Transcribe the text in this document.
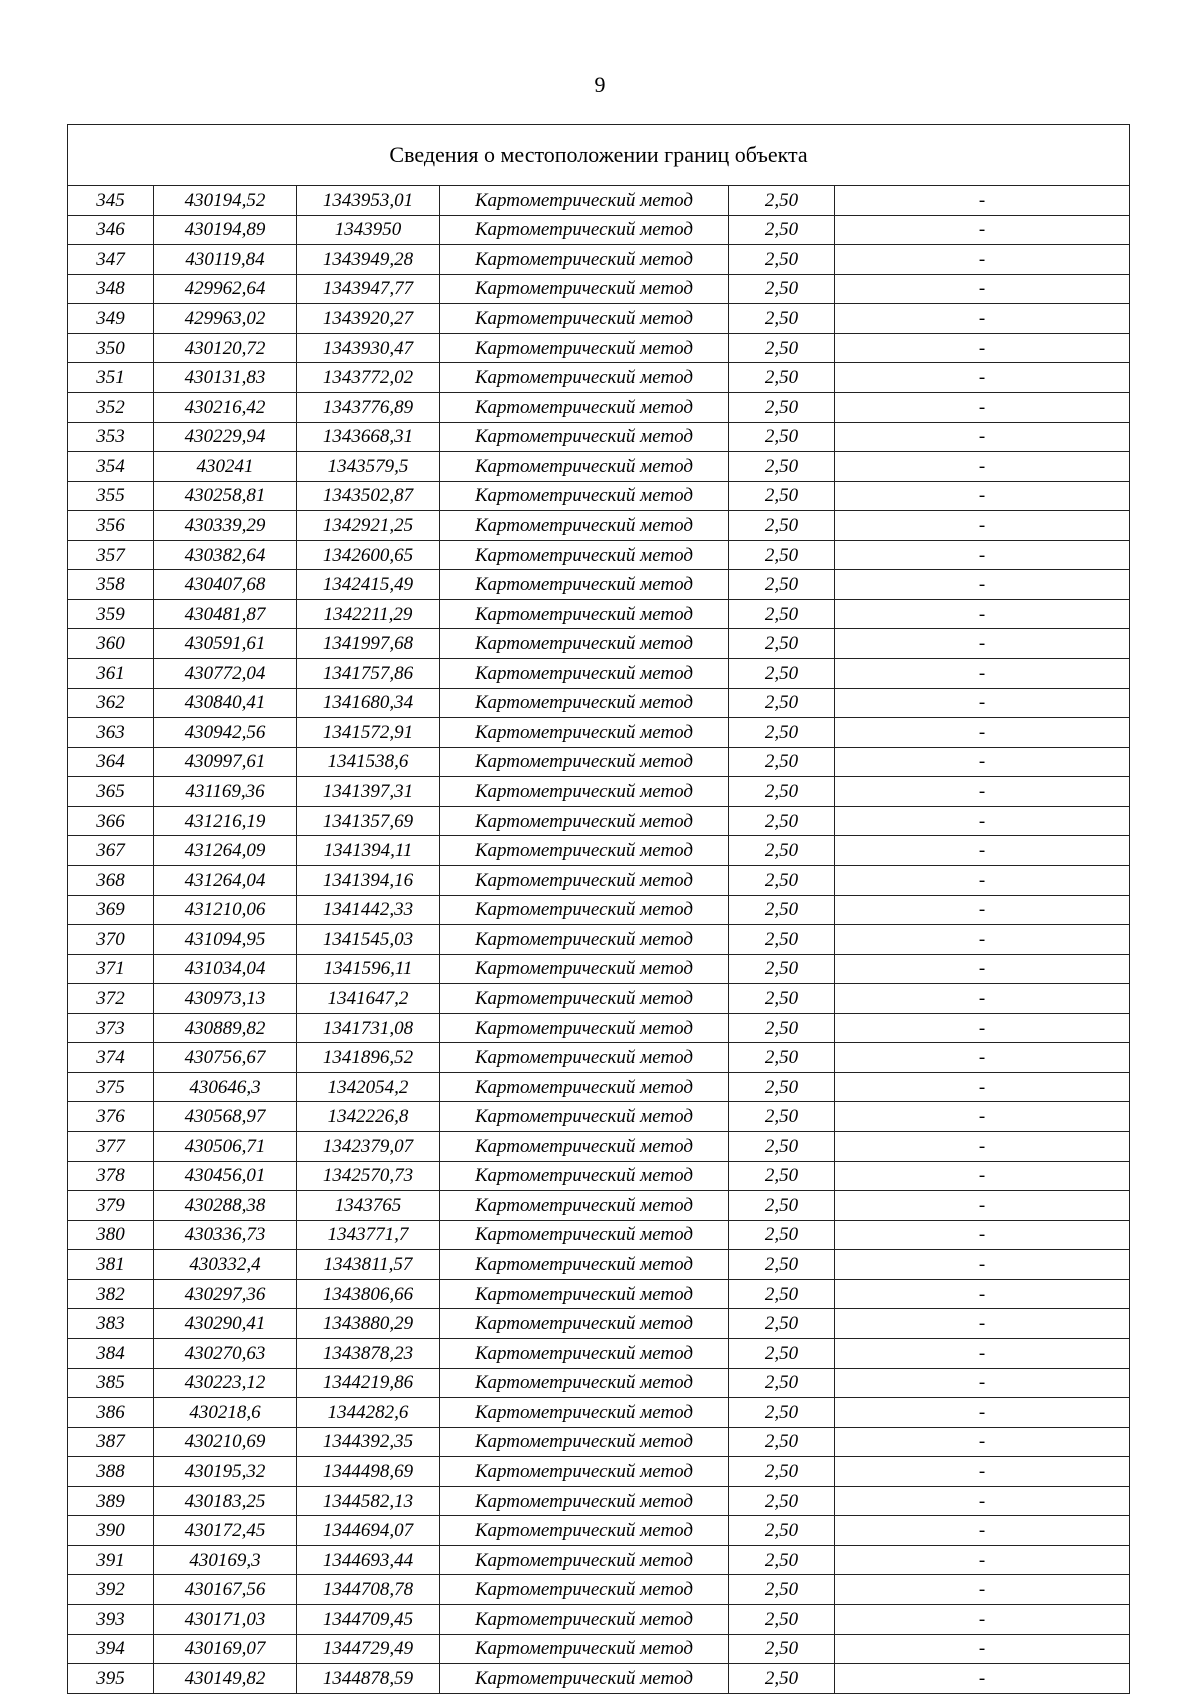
9
Сведения о местоположении границ объекта					
345	430194,52	1343953,01	Картометрический метод	2,50	-
346	430194,89	1343950	Картометрический метод	2,50	-
347	430119,84	1343949,28	Картометрический метод	2,50	-
348	429962,64	1343947,77	Картометрический метод	2,50	-
349	429963,02	1343920,27	Картометрический метод	2,50	-
350	430120,72	1343930,47	Картометрический метод	2,50	-
351	430131,83	1343772,02	Картометрический метод	2,50	-
352	430216,42	1343776,89	Картометрический метод	2,50	-
353	430229,94	1343668,31	Картометрический метод	2,50	-
354	430241	1343579,5	Картометрический метод	2,50	-
355	430258,81	1343502,87	Картометрический метод	2,50	-
356	430339,29	1342921,25	Картометрический метод	2,50	-
357	430382,64	1342600,65	Картометрический метод	2,50	-
358	430407,68	1342415,49	Картометрический метод	2,50	-
359	430481,87	1342211,29	Картометрический метод	2,50	-
360	430591,61	1341997,68	Картометрический метод	2,50	-
361	430772,04	1341757,86	Картометрический метод	2,50	-
362	430840,41	1341680,34	Картометрический метод	2,50	-
363	430942,56	1341572,91	Картометрический метод	2,50	-
364	430997,61	1341538,6	Картометрический метод	2,50	-
365	431169,36	1341397,31	Картометрический метод	2,50	-
366	431216,19	1341357,69	Картометрический метод	2,50	-
367	431264,09	1341394,11	Картометрический метод	2,50	-
368	431264,04	1341394,16	Картометрический метод	2,50	-
369	431210,06	1341442,33	Картометрический метод	2,50	-
370	431094,95	1341545,03	Картометрический метод	2,50	-
371	431034,04	1341596,11	Картометрический метод	2,50	-
372	430973,13	1341647,2	Картометрический метод	2,50	-
373	430889,82	1341731,08	Картометрический метод	2,50	-
374	430756,67	1341896,52	Картометрический метод	2,50	-
375	430646,3	1342054,2	Картометрический метод	2,50	-
376	430568,97	1342226,8	Картометрический метод	2,50	-
377	430506,71	1342379,07	Картометрический метод	2,50	-
378	430456,01	1342570,73	Картометрический метод	2,50	-
379	430288,38	1343765	Картометрический метод	2,50	-
380	430336,73	1343771,7	Картометрический метод	2,50	-
381	430332,4	1343811,57	Картометрический метод	2,50	-
382	430297,36	1343806,66	Картометрический метод	2,50	-
383	430290,41	1343880,29	Картометрический метод	2,50	-
384	430270,63	1343878,23	Картометрический метод	2,50	-
385	430223,12	1344219,86	Картометрический метод	2,50	-
386	430218,6	1344282,6	Картометрический метод	2,50	-
387	430210,69	1344392,35	Картометрический метод	2,50	-
388	430195,32	1344498,69	Картометрический метод	2,50	-
389	430183,25	1344582,13	Картометрический метод	2,50	-
390	430172,45	1344694,07	Картометрический метод	2,50	-
391	430169,3	1344693,44	Картометрический метод	2,50	-
392	430167,56	1344708,78	Картометрический метод	2,50	-
393	430171,03	1344709,45	Картометрический метод	2,50	-
394	430169,07	1344729,49	Картометрический метод	2,50	-
395	430149,82	1344878,59	Картометрический метод	2,50	-
